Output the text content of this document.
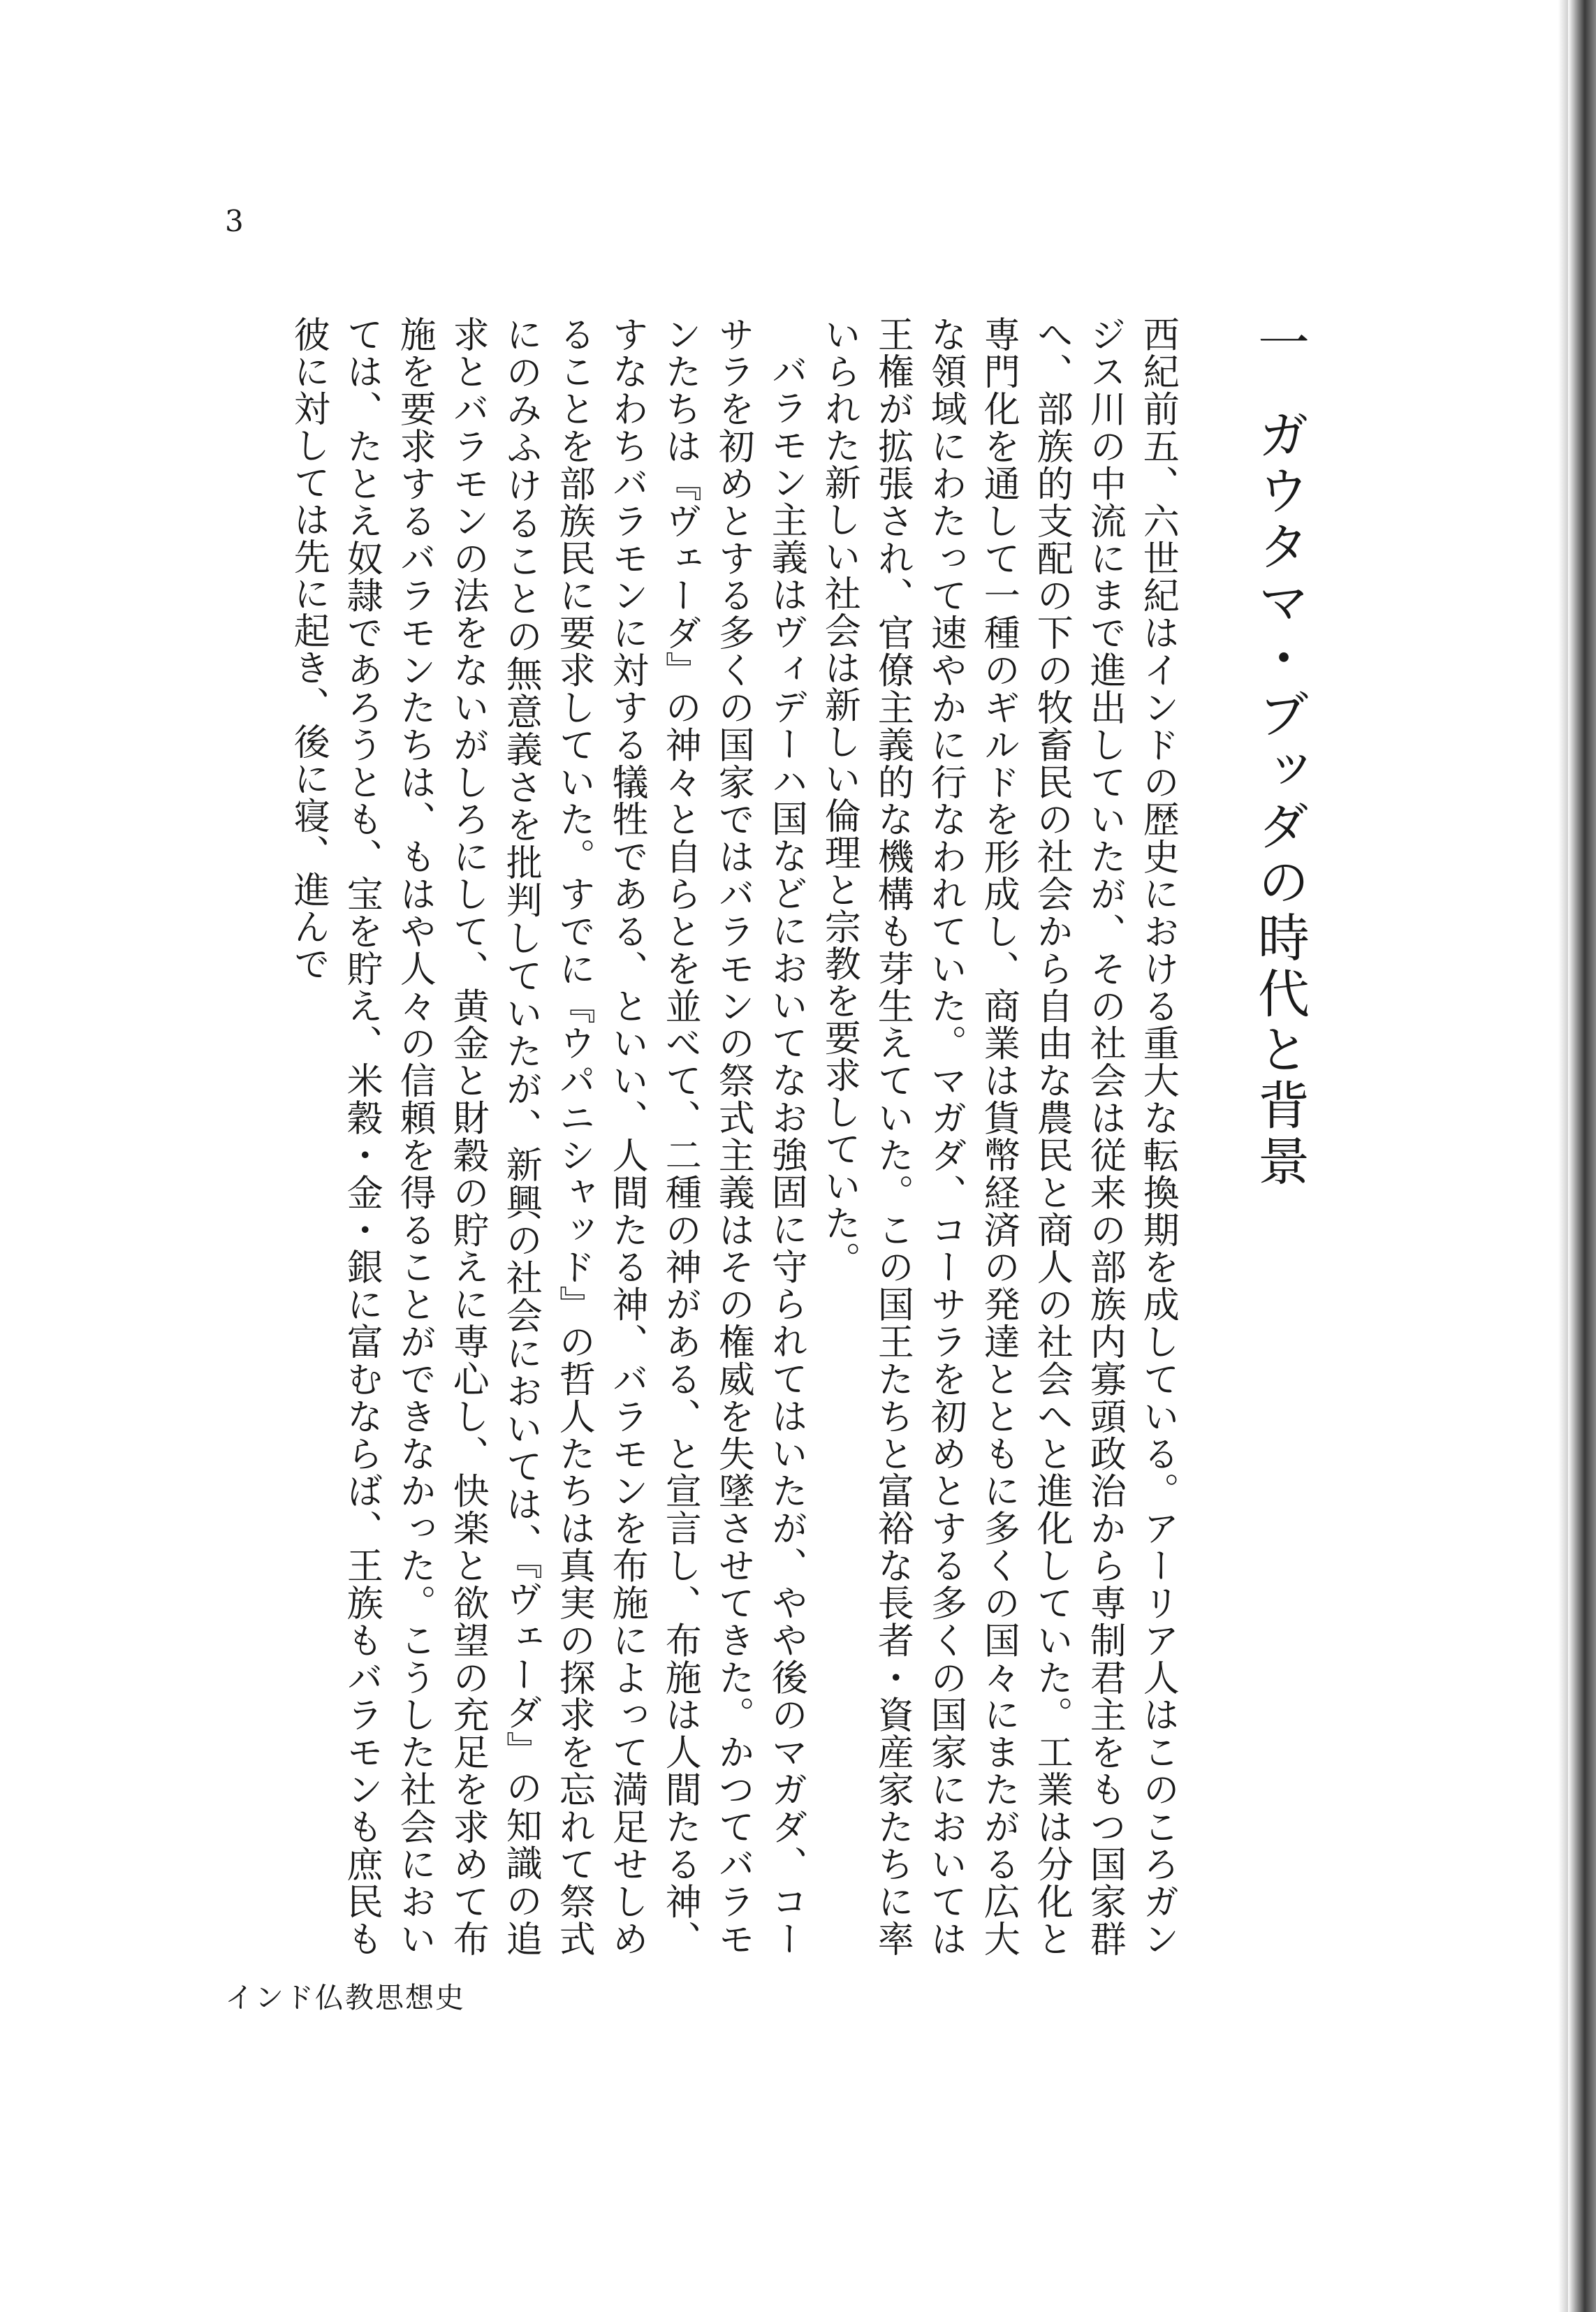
3
一ガウタマ・ブッダの時代と背景

西紀前五、六世紀はインドの歴史における重大な転換期を成している。アーリア人はこのころガンジス川の中流にまで進出していたが、その社会は従来の部族内寡頭政治から専制君主をもつ国家群へ、部族的支配の下の牧畜民の社会から自由な農民と商人の社会へと進化していた。工業は分化と専門化を通して一種のギルドを形成し、商業は貨幣経済の発達とともに多くの国々にまたがる広大な領域にわたって速やかに行なわれていた。マガダ、コーサラを初めとする多くの国家においては王権が拡張され、官僚主義的な機構も芽生えていた。この国王たちと富裕な長者・資産家たちに率いられた新しい社会は新しい倫理と宗教を要求していた。

バラモン主義はヴィデーハ国などにおいてなお強固に守られてはいたが、やや後のマガダ、コーサラを初めとする多くの国家ではバラモンの祭式主義はその権威を失墜させてきた。かつてバラモンたちは『ヴェーダ』の神々と自らとを並べて、二種の神がある、と宣言し、布施は人間たる神、すなわちバラモンに対する犠牲である、といい、人間たる神、バラモンを布施によって満足せしめることを部族民に要求していた。すでに『ウパニシャッド』の哲人たちは真実の探求を忘れて祭式にのみふけることの無意義さを批判していたが、新興の社会においては、『ヴェーダ』の知識の追求とバラモンの法をないがしろにして、黄金と財穀の貯えに専心し、快楽と欲望の充足を求めて布施を要求するバラモンたちは、もはや人々の信頼を得ることができなかった。こうした社会においては、たとえ奴隷であろうとも、宝を貯え、米穀・金・銀に富むならば、王族もバラモンも庶民も彼に対しては先に起き、後に寝、進んで

インド仏教思想史
